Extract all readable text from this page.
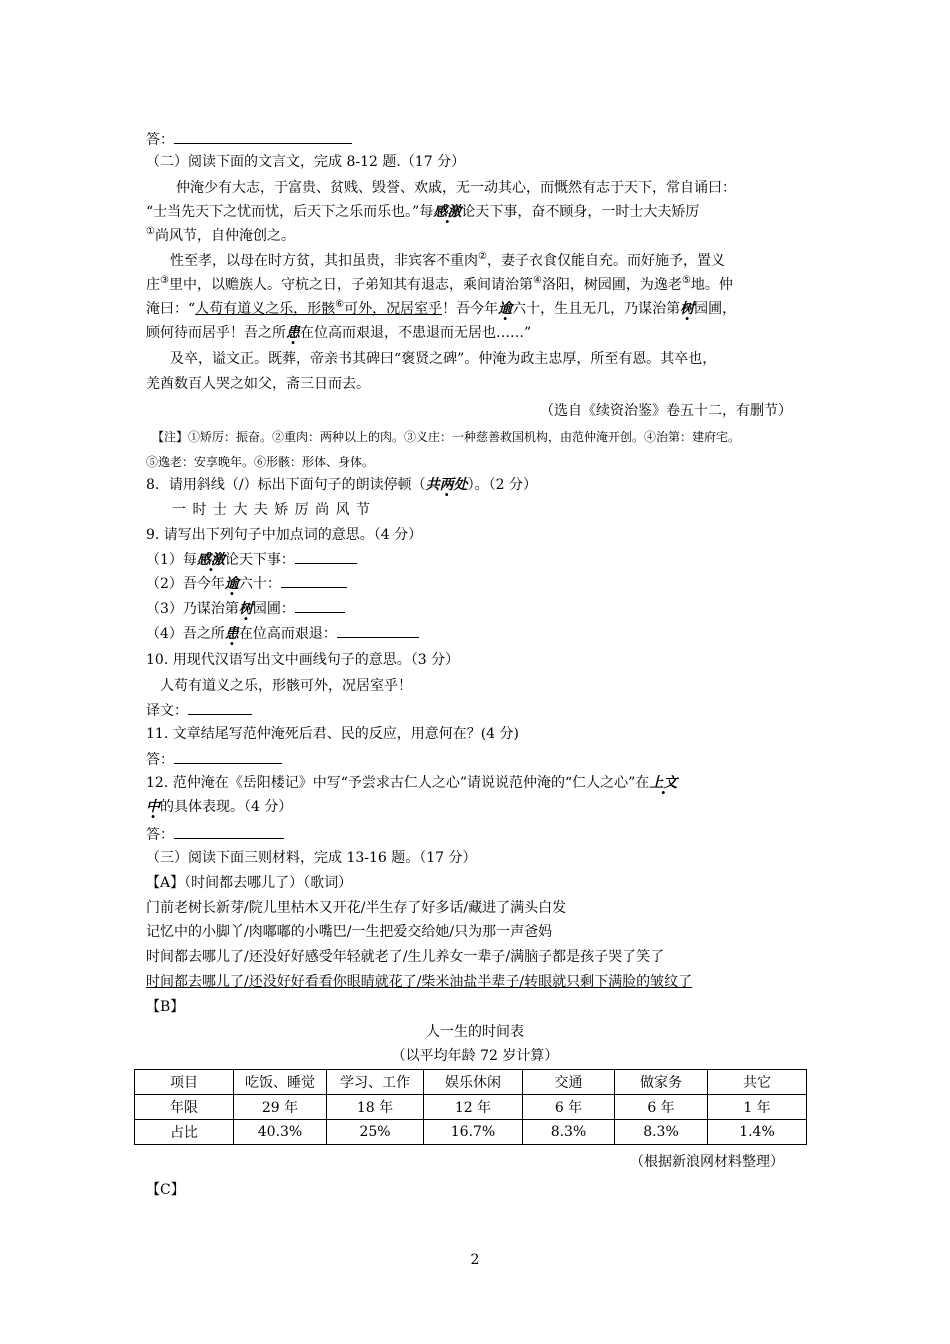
答：
（二）阅读下面的文言文，完成 8-12 题.（17 分）
仲淹少有大志，于富贵、贫贱、毁誉、欢戚，无一动其心，而慨然有志于天下，常自诵曰：
“士当先天下之忧而忧，后天下之乐而乐也。”每感激论天下事，奋不顾身，一时士大夫矫厉
①尚风节，自仲淹创之。
性至孝，以母在时方贫，其扣虽贵，非宾客不重肉②，妻子衣食仅能自充。而好施予，置义
庄③里中，以赡族人。守杭之日，子弟知其有退志，乘间请治第④洛阳，树园圃，为逸老⑤地。仲
淹曰：“人苟有道义之乐，形骸⑥可外，况居室乎！吾今年逾六十，生且无几，乃谋治第树园圃，
顾何待而居乎！吾之所患在位高而艰退，不患退而无居也……”
及卒，谥文正。既葬，帝亲书其碑曰“褒贤之碑”。仲淹为政主忠厚，所至有恩。其卒也，
羌酋数百人哭之如父，斋三日而去。
（选自《续资治鉴》卷五十二，有删节）
【注】①矫厉：振奋。②重肉：两种以上的肉。③义庄：一种慈善救国机构，由范仲淹开创。④治第：建府宅。
⑤逸老：安享晚年。⑥形骸：形体、身体。
8．请用斜线（/）标出下面句子的朗读停顿（共两处）。（2 分）
一 时 士 大 夫 矫 厉 尚 风 节
9. 请写出下列句子中加点词的意思。（4 分）
（1）每感激论天下事：
（2）吾今年逾六十：
（3）乃谋治第树园圃：
（4）吾之所患在位高而艰退：
10. 用现代汉语写出文中画线句子的意思。（3 分）
人苟有道义之乐，形骸可外，况居室乎！
译文：
11. 文章结尾写范仲淹死后君、民的反应，用意何在？(4 分)
答：
12. 范仲淹在《岳阳楼记》中写“予尝求古仁人之心”请说说范仲淹的“仁人之心”在上文
中的具体表现。（4 分）
答：
（三）阅读下面三则材料，完成 13-16 题。（17 分）
【A】（时间都去哪儿了）（歌词）
门前老树长新芽/院儿里枯木又开花/半生存了好多话/藏进了满头白发
记忆中的小脚丫/肉嘟嘟的小嘴巴/一生把爱交给她/只为那一声爸妈
时间都去哪儿了/还没好好感受年轻就老了/生儿养女一辈子/满脑子都是孩子哭了笑了
时间都去哪儿了/还没好好看看你眼睛就花了/柴米油盐半辈子/转眼就只剩下满脸的皱纹了
【B】
人一生的时间表
（以平均年龄 72 岁计算）
项目	吃饭、睡觉	学习、工作	娱乐休闲	交通	做家务	共它
年限	29 年	18 年	12 年	6 年	6 年	1 年
占比	40.3%	25%	16.7%	8.3%	8.3%	1.4%
（根据新浪网材料整理）
【C】
2
